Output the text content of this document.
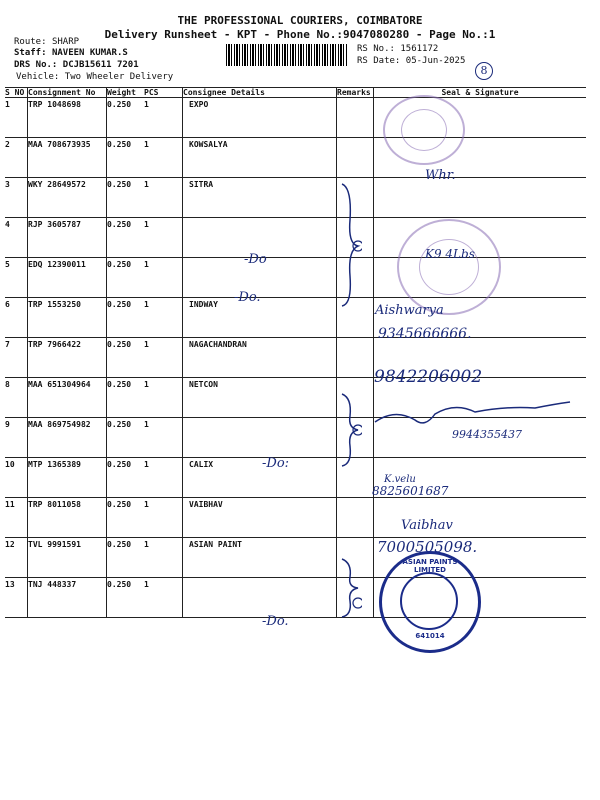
THE PROFESSIONAL COURIERS, COIMBATORE
Delivery Runsheet - KPT - Phone No.:9047080280 - Page No.:1
Route: SHARP
Staff: NAVEEN KUMAR.S
DRS No.: DCJB15611 7201
Vehicle: Two Wheeler Delivery
RS No.: 1561172
RS Date: 05-Jun-2025
8
S NO	Consignment No	Weight	PCS	Consignee Details	Remarks	Seal & Signature
1	TRP 1048698	0.250	1	EXPO		
2	MAA 708673935	0.250	1	KOWSALYA		
3	WKY 28649572	0.250	1	SITRA		
4	RJP 3605787	0.250	1			
5	EDQ 12390011	0.250	1			
6	TRP 1553250	0.250	1	INDWAY		
7	TRP 7966422	0.250	1	NAGACHANDRAN		
8	MAA 651304964	0.250	1	NETCON		
9	MAA 869754982	0.250	1			
10	MTP 1365389	0.250	1	CALIX		
11	TRP 8011058	0.250	1	VAIBHAV		
12	TVL 9991591	0.250	1	ASIAN PAINT		
13	TNJ 448337	0.250	1			
Whr.
-Do
-Do.
-Do:
-Do.
K9 4Lbs
Aishwarya
9345666666.
9842206002
9944355437
K.velu
8825601687
Vaibhav
7000505098.
ASIAN PAINTS LIMITED
641014
